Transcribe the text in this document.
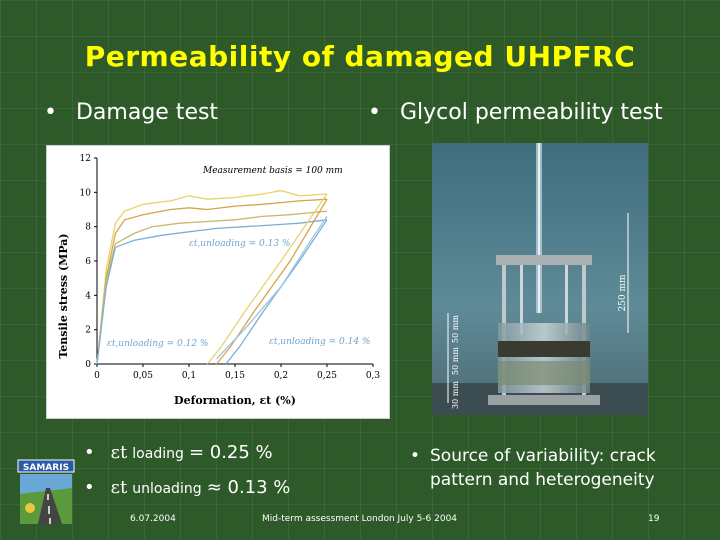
Permeability of damaged UHPFRC
• Damage test
•	Glycol permeability test
Tensile stress (MPa)
Deformation, εt (%)
Measurement basis = 100 mm
εt,unloading = 0.13 %
εt,unloading = 0.12 %	εt,unloading = 0.14 %
0
2
4
6
8
10
12
0	0,05	0,1	0,15	0,2	0,25	0,3
250 mm
30 mm
50 mm
50 mm
• εt loading = 0.25 %
• εt unloading ≈ 0.13 %
• Source of variability: crack pattern and heterogeneity
SAMARIS
6.07.2004	Mid-term assessment London July 5-6 2004	19
